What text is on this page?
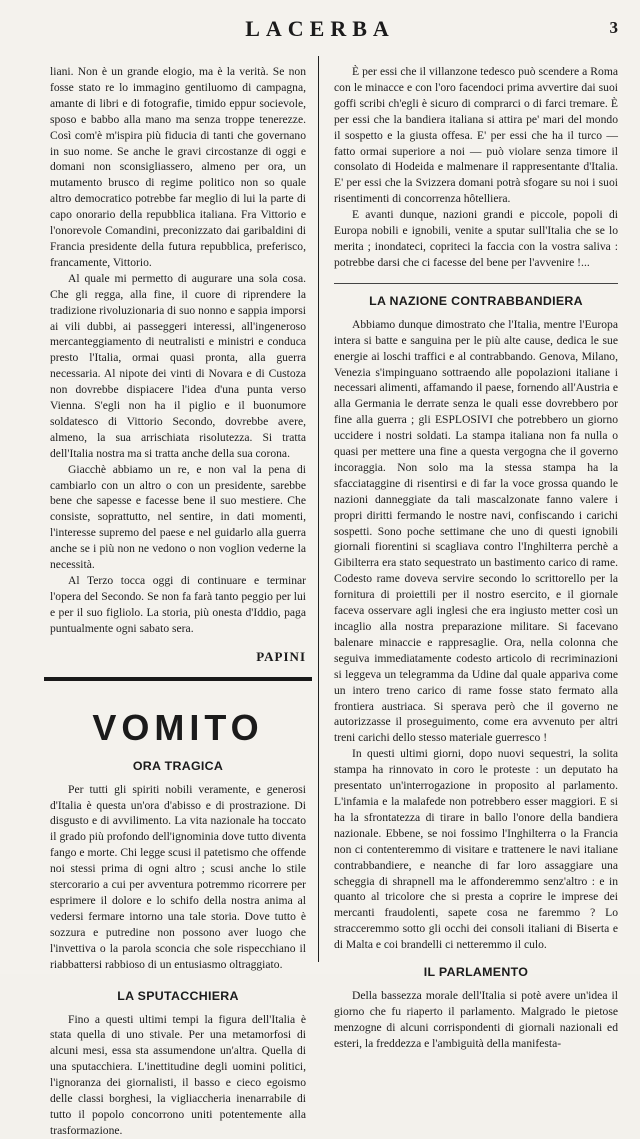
LACERBA	3

liani. Non è un grande elogio, ma è la verità. Se non fosse stato re lo immagino gentiluomo di campagna, amante di libri e di fotografie, timido eppur socievole, sposo e babbo alla mano ma senza troppe tenerezze. Così com'è m'ispira più fiducia di tanti che governano in suo nome. Se anche le gravi circostanze di oggi e domani non sconsigliassero, almeno per ora, un mutamento brusco di regime politico non so quale altro democratico potrebbe far meglio di lui la parte di capo onorario della repubblica italiana. Fra Vittorio e l'onorevole Comandini, preconizzato dai garibaldini di Francia presidente della futura repubblica, preferisco, francamente, Vittorio.

Al quale mi permetto di augurare una sola cosa. Che gli regga, alla fine, il cuore di riprendere la tradizione rivoluzionaria di suo nonno e sappia imporsi ai vili dubbi, ai passeggeri interessi, all'ingeneroso mercanteggiamento di neutralisti e ministri e conduca presto l'Italia, ormai quasi pronta, alla guerra necessaria. Al nipote dei vinti di Novara e di Custoza non dovrebbe dispiacere l'idea d'una punta verso Vienna. S'egli non ha il piglio e il buonumore soldatesco di Vittorio Secondo, dovrebbe avere, almeno, la sua arrischiata risolutezza. Si tratta dell'Italia nostra ma si tratta anche della sua corona.

Giacchè abbiamo un re, e non val la pena di cambiarlo con un altro o con un presidente, sarebbe bene che sapesse e facesse bene il suo mestiere. Che consiste, soprattutto, nel sentire, in dati momenti, l'interesse supremo del paese e nel guidarlo alla guerra anche se i più non ne vedono o non voglion vederne la necessità.

Al Terzo tocca oggi di continuare e terminar l'opera del Secondo. Se non fa farà tanto peggio per lui e per il suo figliolo. La storia, più onesta d'Iddio, paga puntualmente ogni sabato sera.

PAPINI
VOMITO
ORA TRAGICA

Per tutti gli spiriti nobili veramente, e generosi d'Italia è questa un'ora d'abisso e di prostrazione. Di disgusto e di avvilimento. La vita nazionale ha toccato il grado più profondo dell'ignominia dove tutto diventa fango e morte. Chi legge scusi il patetismo che offende noi stessi prima di ogni altro ; scusi anche lo stile stercorario a cui per avventura potremmo ricorrere per esprimere il dolore e lo schifo della nostra anima al vedersi fermare intorno una tale storia. Dove tutto è sozzura e putredine non possono aver luogo che l'invettiva o la parola sconcia che sole rispecchiano il riabbattersi rabbioso di un entusiasmo oltraggiato.

LA SPUTACCHIERA

Fino a questi ultimi tempi la figura dell'Italia è stata quella di uno stivale. Per una metamorfosi di alcuni mesi, essa sta assumendone un'altra. Quella di una sputacchiera. L'inettitudine degli uomini politici, l'ignoranza dei giornalisti, il basso e cieco egoismo delle classi borghesi, la vigliaccheria inenarrabile di tutto il popolo concorrono uniti potentemente alla trasformazione.

È per essi che il villanzone tedesco può scendere a Roma con le minacce e con l'oro facendoci prima avvertire dai suoi goffi scribi ch'egli è sicuro di comprarci o di farci tremare. È per essi che la bandiera italiana si attira pe' mari del mondo il sospetto e la giusta offesa. E' per essi che ha il turco — fatto ormai superiore a noi — può violare senza timore il consolato di Hodeida e malmenare il rappresentante d'Italia. E' per essi che la Svizzera domani potrà sfogare su noi i suoi risentimenti di concorrenza hôtelliera.

E avanti dunque, nazioni grandi e piccole, popoli di Europa nobili e ignobili, venite a sputar sull'Italia che se lo merita ; inondateci, copriteci la faccia con la vostra saliva : potrebbe darsi che ci facesse del bene per l'avvenire !...

LA NAZIONE CONTRABBANDIERA

Abbiamo dunque dimostrato che l'Italia, mentre l'Europa intera si batte e sanguina per le più alte cause, dedica le sue energie ai loschi traffici e al contrabbando. Genova, Milano, Venezia s'impinguano sottraendo alle popolazioni italiane i necessari alimenti, affamando il paese, fornendo all'Austria e alla Germania le derrate senza le quali esse dovrebbero por fine alla guerra ; gli ESPLOSIVI che potrebbero un giorno uccidere i nostri soldati. La stampa italiana non fa nulla o quasi per mettere una fine a questa vergogna che il governo incoraggia. Non solo ma la stessa stampa ha la sfacciataggine di risentirsi e di far la voce grossa quando le nazioni danneggiate da tali mascalzonate fanno valere i propri diritti fermando le nostre navi, confiscando i carichi sospetti. Sono poche settimane che uno di questi ignobili giornali fiorentini si scagliava contro l'Inghilterra perchè a Gibilterra era stato sequestrato un bastimento carico di rame. Codesto rame doveva servire secondo lo scrittorello per la fornitura di proiettili per il nostro esercito, e il giornale faceva osservare agli inglesi che era ingiusto metter così un incaglio alla nostra preparazione militare. Si facevano balenare minaccie e rappresaglie. Ora, nella colonna che seguiva immediatamente codesto articolo di recriminazioni si leggeva un telegramma da Udine dal quale appariva come un intero treno carico di rame fosse stato fermato alla frontiera austriaca. Si sperava però che il governo ne autorizzasse il proseguimento, come era avvenuto per altri treni carichi dello stesso materiale guerresco !

In questi ultimi giorni, dopo nuovi sequestri, la solita stampa ha rinnovato in coro le proteste : un deputato ha presentato un'interrogazione in proposito al parlamento. L'infamia e la malafede non potrebbero esser maggiori. E si ha la sfrontatezza di tirare in ballo l'onore della bandiera nazionale. Ebbene, se noi fossimo l'Inghilterra o la Francia non ci contenteremmo di visitare e trattenere le navi italiane contrabbandiere, e neanche di far loro assaggiare una scheggia di shrapnell ma le affonderemmo senz'altro : e in quanto al tricolore che si presta a coprire le imprese dei mercanti fraudolenti, sapete cosa ne faremmo ? Lo stracceremmo sotto gli occhi dei consoli italiani di Biserta e di Malta e coi brandelli ci netteremmo il culo.

IL PARLAMENTO

Della bassezza morale dell'Italia si potè avere un'idea il giorno che fu riaperto il parlamento. Malgrado le pietose menzogne di alcuni corrispondenti di giornali nazionali ed esteri, la freddezza e l'ambiguità della manifesta-
